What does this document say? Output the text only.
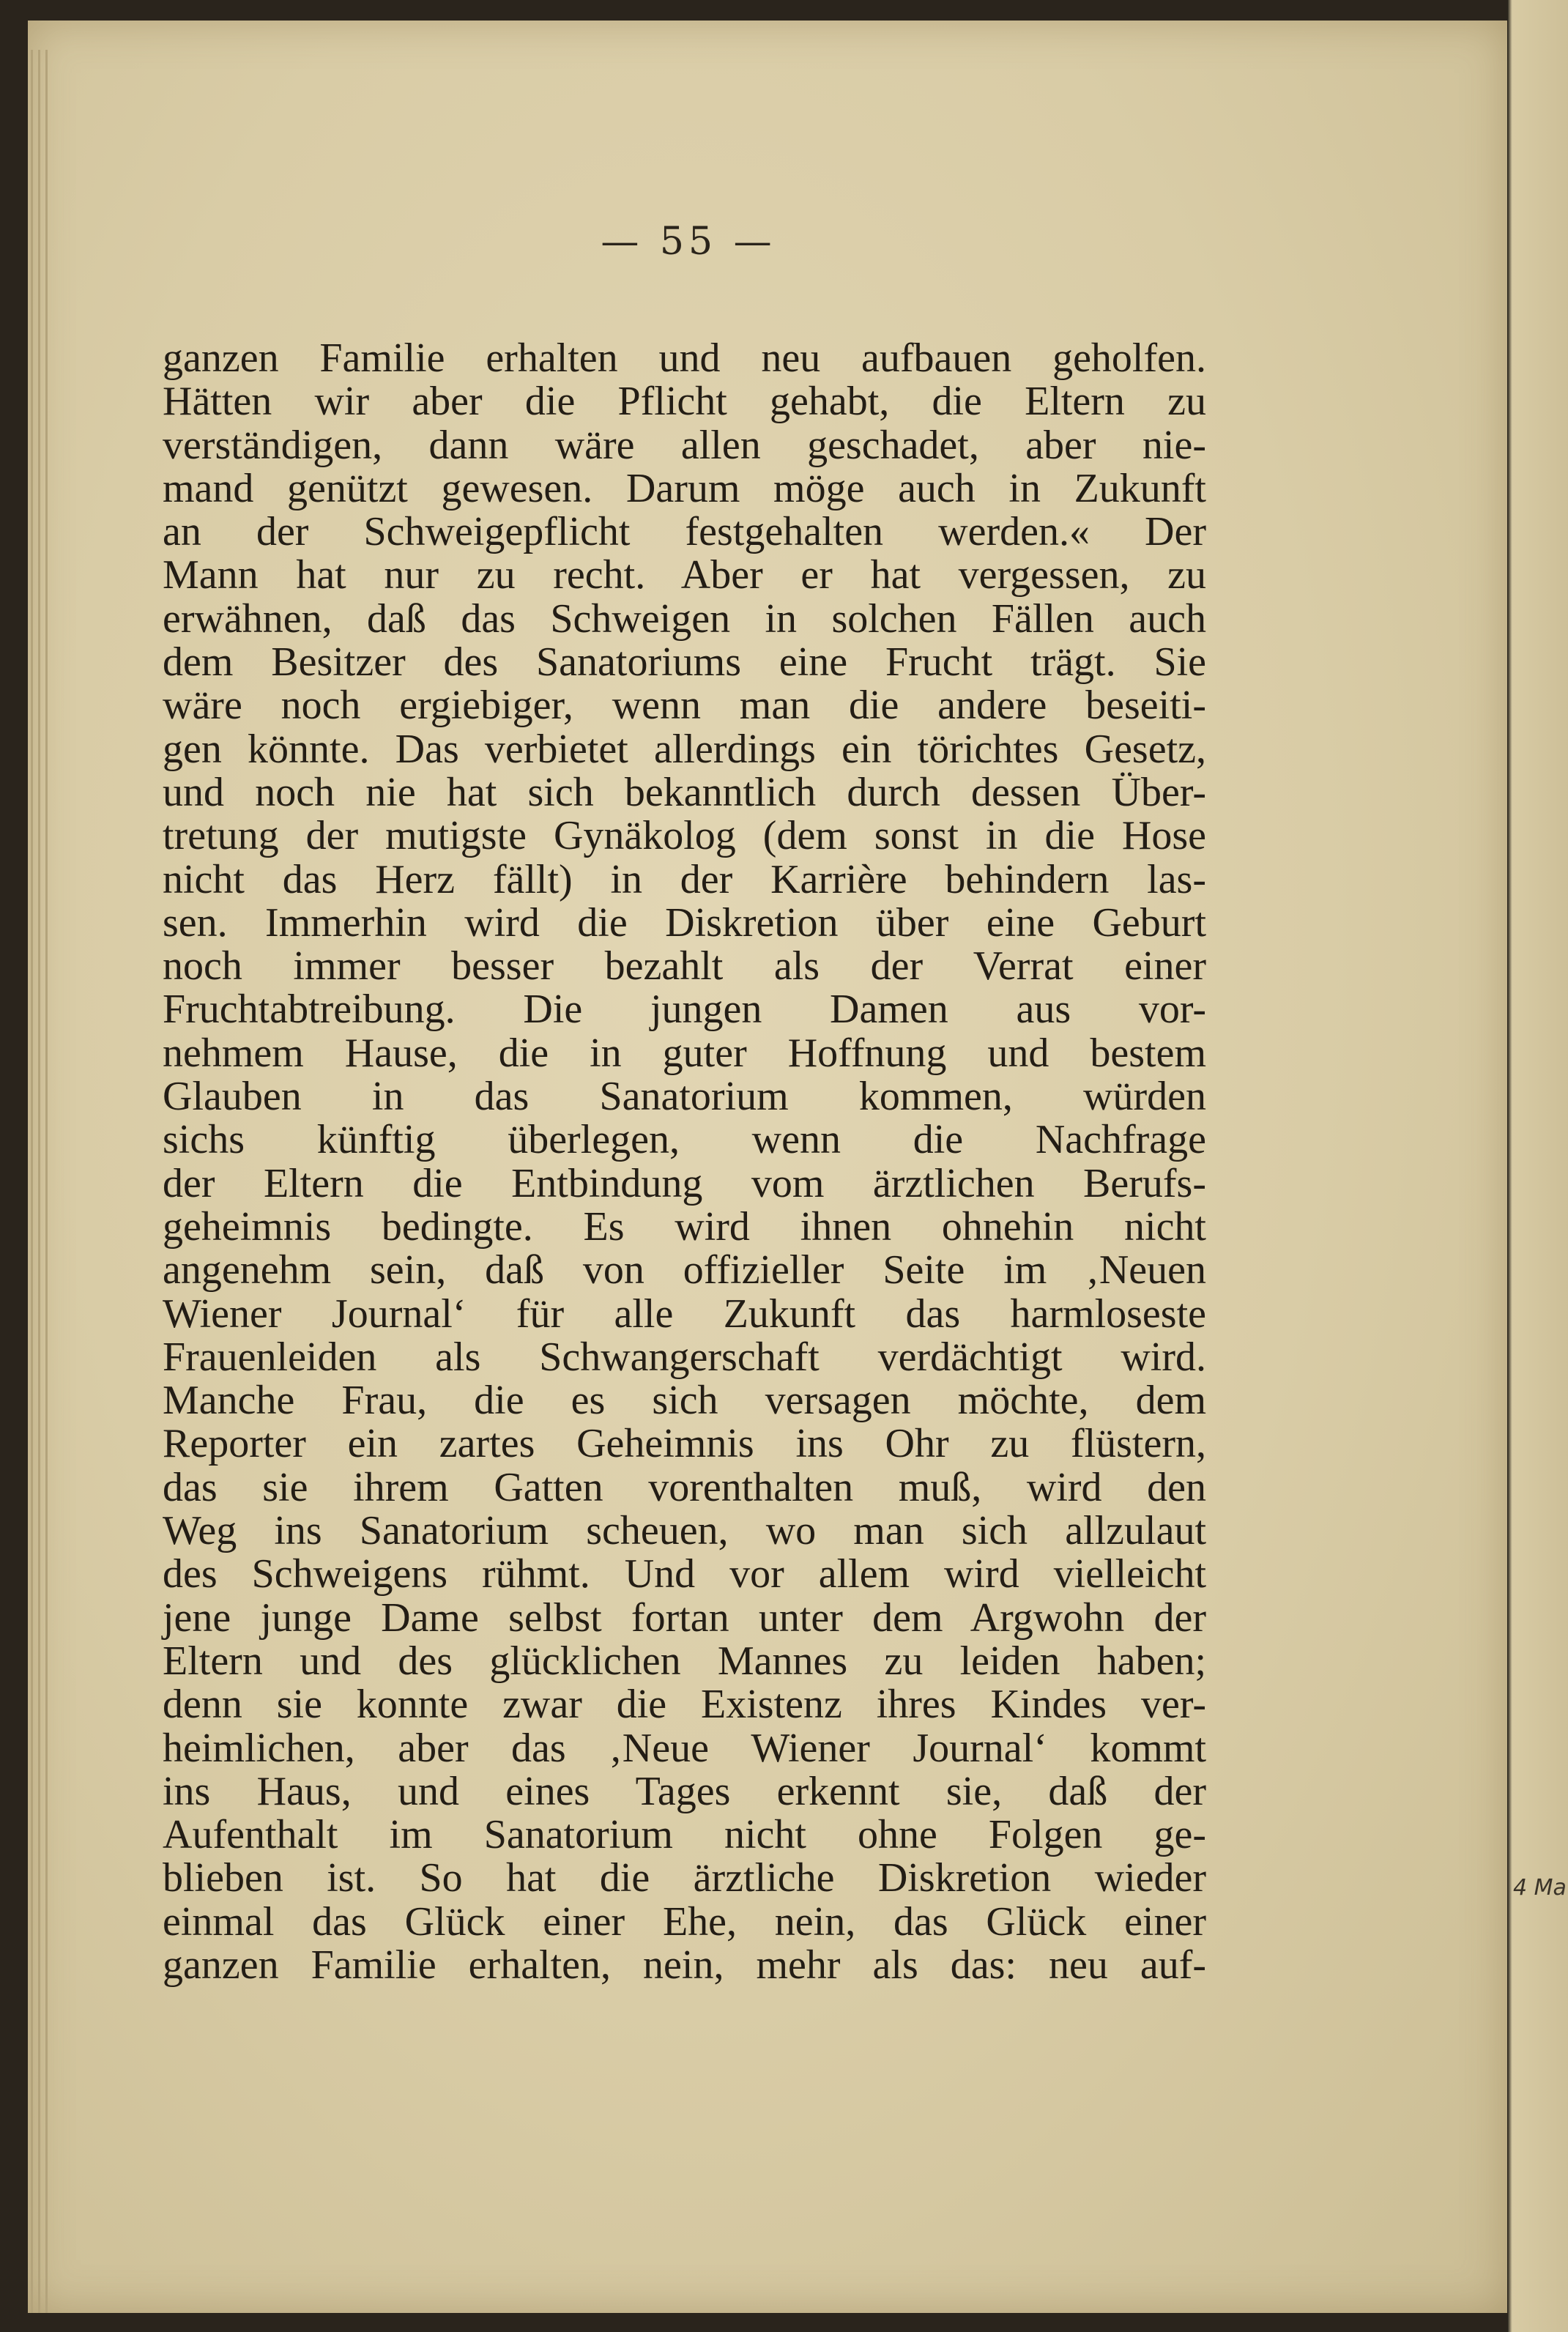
— 55 —
ganzen Familie erhalten und neu aufbauen geholfen.
Hätten wir aber die Pflicht gehabt, die Eltern zu
verständigen, dann wäre allen geschadet, aber nie-
mand genützt gewesen. Darum möge auch in Zukunft
an der Schweigepflicht festgehalten werden.« Der
Mann hat nur zu recht. Aber er hat vergessen, zu
erwähnen, daß das Schweigen in solchen Fällen auch
dem Besitzer des Sanatoriums eine Frucht trägt. Sie
wäre noch ergiebiger, wenn man die andere beseiti-
gen könnte. Das verbietet allerdings ein törichtes Gesetz,
und noch nie hat sich bekanntlich durch dessen Über-
tretung der mutigste Gynäkolog (dem sonst in die Hose
nicht das Herz fällt) in der Karrière behindern las-
sen. Immerhin wird die Diskretion über eine Geburt
noch immer besser bezahlt als der Verrat einer
Fruchtabtreibung. Die jungen Damen aus vor-
nehmem Hause, die in guter Hoffnung und bestem
Glauben in das Sanatorium kommen, würden
sichs künftig überlegen, wenn die Nachfrage
der Eltern die Entbindung vom ärztlichen Berufs-
geheimnis bedingte. Es wird ihnen ohnehin nicht
angenehm sein, daß von offizieller Seite im ‚Neuen
Wiener Journal‘ für alle Zukunft das harmloseste
Frauenleiden als Schwangerschaft verdächtigt wird.
Manche Frau, die es sich versagen möchte, dem
Reporter ein zartes Geheimnis ins Ohr zu flüstern,
das sie ihrem Gatten vorenthalten muß, wird den
Weg ins Sanatorium scheuen, wo man sich allzulaut
des Schweigens rühmt. Und vor allem wird vielleicht
jene junge Dame selbst fortan unter dem Argwohn der
Eltern und des glücklichen Mannes zu leiden haben;
denn sie konnte zwar die Existenz ihres Kindes ver-
heimlichen, aber das ‚Neue Wiener Journal‘ kommt
ins Haus, und eines Tages erkennt sie, daß der
Aufenthalt im Sanatorium nicht ohne Folgen ge-
blieben ist. So hat die ärztliche Diskretion wieder
einmal das Glück einer Ehe, nein, das Glück einer
ganzen Familie erhalten, nein, mehr als das: neu auf-
4 Ма
